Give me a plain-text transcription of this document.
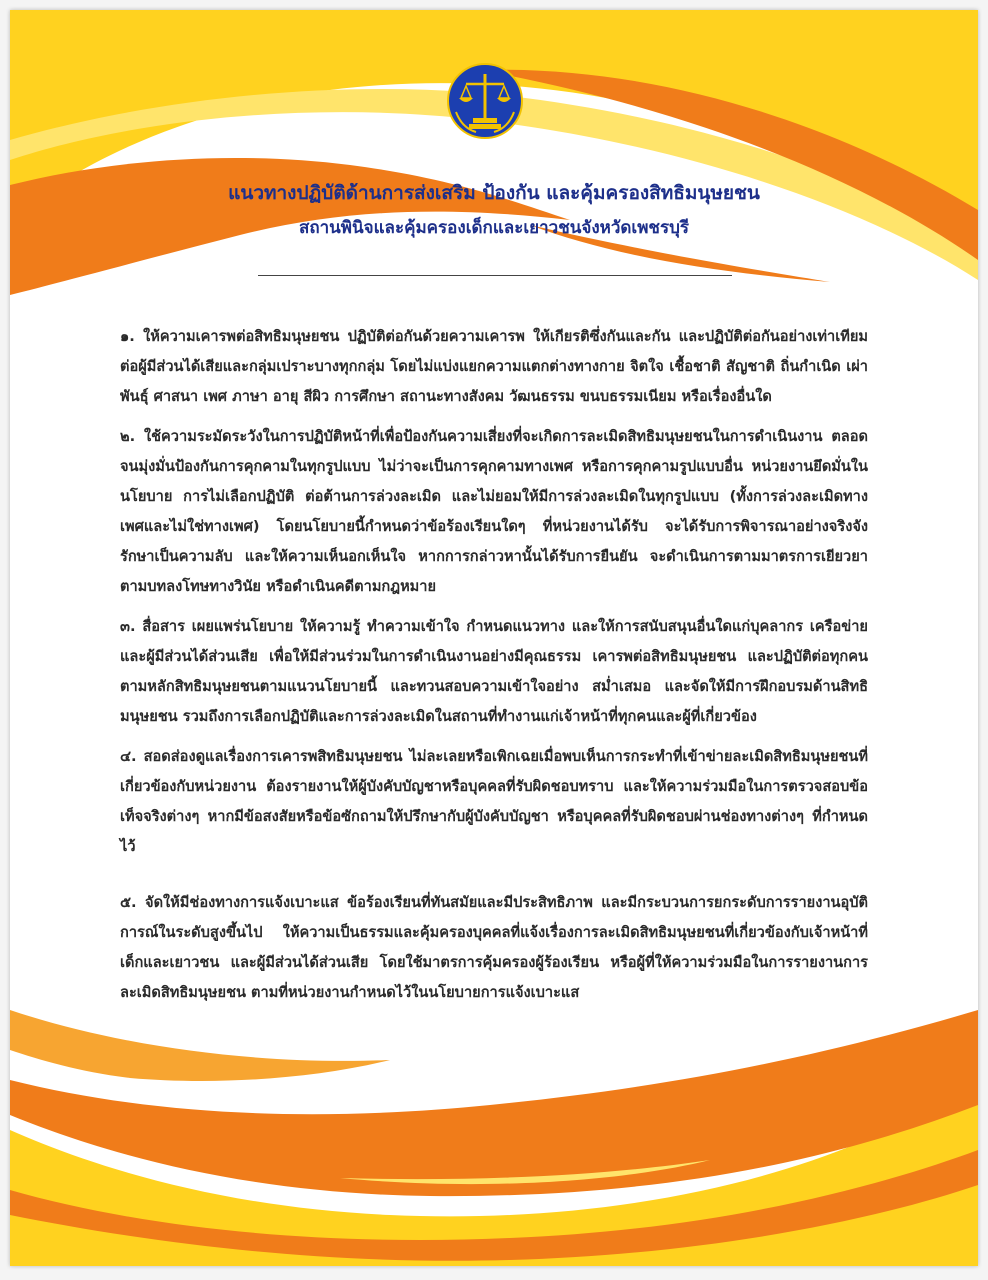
แนวทางปฏิบัติด้านการส่งเสริม ป้องกัน และคุ้มครองสิทธิมนุษยชน
สถานพินิจและคุ้มครองเด็กและเยาวชนจังหวัดเพชรบุรี

๑. ให้ความเคารพต่อสิทธิมนุษยชน ปฏิบัติต่อกันด้วยความเคารพ ให้เกียรติซึ่งกันและกัน และปฏิบัติต่อกันอย่างเท่าเทียมต่อผู้มีส่วนได้เสียและกลุ่มเปราะบางทุกกลุ่ม โดยไม่แบ่งแยกความแตกต่างทางกาย จิตใจ เชื้อชาติ สัญชาติ ถิ่นกำเนิด เผ่าพันธุ์ ศาสนา เพศ ภาษา อายุ สีผิว การศึกษา สถานะทางสังคม วัฒนธรรม ขนบธรรมเนียม หรือเรื่องอื่นใด

๒. ใช้ความระมัดระวังในการปฏิบัติหน้าที่เพื่อป้องกันความเสี่ยงที่จะเกิดการละเมิดสิทธิมนุษยชนในการดำเนินงาน ตลอดจนมุ่งมั่นป้องกันการคุกคามในทุกรูปแบบ ไม่ว่าจะเป็นการคุกคามทางเพศ หรือการคุกคามรูปแบบอื่น หน่วยงานยึดมั่นในนโยบาย การไม่เลือกปฏิบัติ ต่อต้านการล่วงละเมิด และไม่ยอมให้มีการล่วงละเมิดในทุกรูปแบบ (ทั้งการล่วงละเมิดทางเพศและไม่ใช่ทางเพศ) โดยนโยบายนี้กำหนดว่าข้อร้องเรียนใดๆ ที่หน่วยงานได้รับ จะได้รับการพิจารณาอย่างจริงจัง รักษาเป็นความลับ และให้ความเห็นอกเห็นใจ หากการกล่าวหานั้นได้รับการยืนยัน จะดำเนินการตามมาตรการเยียวยา ตามบทลงโทษทางวินัย หรือดำเนินคดีตามกฎหมาย

๓. สื่อสาร เผยแพร่นโยบาย ให้ความรู้ ทำความเข้าใจ กำหนดแนวทาง และให้การสนับสนุนอื่นใดแก่บุคลากร เครือข่าย และผู้มีส่วนได้ส่วนเสีย เพื่อให้มีส่วนร่วมในการดำเนินงานอย่างมีคุณธรรม เคารพต่อสิทธิมนุษยชน และปฏิบัติต่อทุกคนตามหลักสิทธิมนุษยชนตามแนวนโยบายนี้ และทวนสอบความเข้าใจอย่าง สม่ำเสมอ และจัดให้มีการฝึกอบรมด้านสิทธิมนุษยชน รวมถึงการเลือกปฏิบัติและการล่วงละเมิดในสถานที่ทำงานแก่เจ้าหน้าที่ทุกคนและผู้ที่เกี่ยวข้อง

๔. สอดส่องดูแลเรื่องการเคารพสิทธิมนุษยชน ไม่ละเลยหรือเพิกเฉยเมื่อพบเห็นการกระทำที่เข้าข่ายละเมิดสิทธิมนุษยชนที่เกี่ยวข้องกับหน่วยงาน ต้องรายงานให้ผู้บังคับบัญชาหรือบุคคลที่รับผิดชอบทราบ และให้ความร่วมมือในการตรวจสอบข้อเท็จจริงต่างๆ หากมีข้อสงสัยหรือข้อซักถามให้ปรึกษากับผู้บังคับบัญชา หรือบุคคลที่รับผิดชอบผ่านช่องทางต่างๆ ที่กำหนดไว้

๕. จัดให้มีช่องทางการแจ้งเบาะแส ข้อร้องเรียนที่ทันสมัยและมีประสิทธิภาพ และมีกระบวนการยกระดับการรายงานอุบัติการณ์ในระดับสูงขึ้นไป ให้ความเป็นธรรมและคุ้มครองบุคคลที่แจ้งเรื่องการละเมิดสิทธิมนุษยชนที่เกี่ยวข้องกับเจ้าหน้าที่ เด็กและเยาวชน และผู้มีส่วนได้ส่วนเสีย โดยใช้มาตรการคุ้มครองผู้ร้องเรียน หรือผู้ที่ให้ความร่วมมือในการรายงานการละเมิดสิทธิมนุษยชน ตามที่หน่วยงานกำหนดไว้ในนโยบายการแจ้งเบาะแส
